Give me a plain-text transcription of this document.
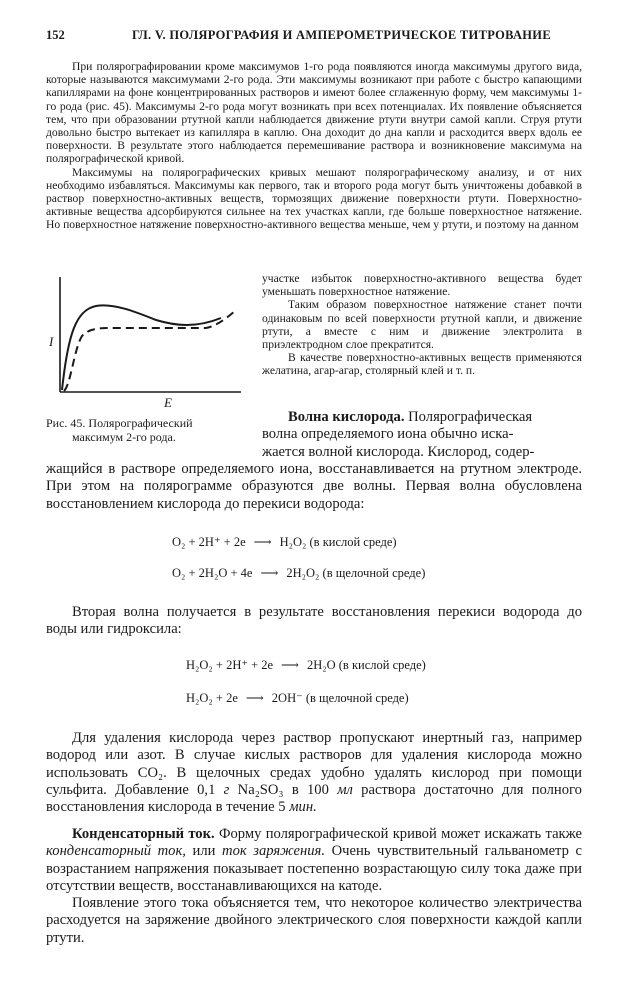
152	ГЛ. V. ПОЛЯРОГРАФИЯ И АМПЕРОМЕТРИЧЕСКОЕ ТИТРОВАНИЕ

При полярографировании кроме максимумов 1-го рода появляются иногда максимумы другого вида, которые называются максимумами 2-го рода. Эти максимумы возникают при работе с быстро капающими капиллярами на фоне концентрированных растворов и имеют более сглаженную форму, чем максимумы 1-го рода (рис. 45). Максимумы 2-го рода могут возникать при всех потенциалах. Их появление объясняется тем, что при образовании ртутной капли наблюдается движение ртути внутри самой капли. Струя ртути довольно быстро вытекает из капилляра в каплю. Она доходит до дна капли и расходится вверх вдоль ее поверхности. В результате этого наблюдается перемешивание раствора и возникновение максимума на полярографической кривой.

Максимумы на полярографических кривых мешают полярографическому анализу, и от них необходимо избавляться. Максимумы как первого, так и второго рода могут быть уничтожены добавкой в раствор поверхностно-активных веществ, тормозящих движение поверхности ртути. Поверхностно-активные вещества адсорбируются сильнее на тех участках капли, где больше поверхностное натяжение. Но поверхностное натяжение поверхностно-активного вещества меньше, чем у ртути, и поэтому на данном

I
E
Рис. 45. Полярографический
максимум 2-го рода.
участке избыток поверхностно-активного вещества будет уменьшать поверхностное натяжение.

Таким образом поверхностное натяжение станет почти одинаковым по всей поверхности ртутной капли, и движение ртути, а вместе с ним и движение электролита в приэлектродном слое прекратится.

В качестве поверхностно-активных веществ применяются желатина, агар-агар, столярный клей и т. п.

Волна кислорода. Полярографическая
волна определяемого иона обычно иска-
жается волной кислорода. Кислород, содер-
жащийся в растворе определяемого иона, восстанавливается на ртутном электроде. При этом на полярограмме образуются две волны. Первая волна обусловлена восстановлением кислорода до перекиси водорода:
O₂ + 2H⁺ + 2e ⟶ H₂O₂ (в кислой среде)
O₂ + 2H₂O + 4e ⟶ 2H₂O₂ (в щелочной среде)

Вторая волна получается в результате восстановления перекиси водорода до воды или гидроксила:

H₂O₂ + 2H⁺ + 2e ⟶ 2H₂O (в кислой среде)
H₂O₂ + 2e ⟶ 2OH⁻ (в щелочной среде)

Для удаления кислорода через раствор пропускают инертный газ, например водород или азот. В случае кислых растворов для удаления кислорода можно использовать CO₂. В щелочных средах удобно удалять кислород при помощи сульфита. Добавление 0,1 г Na₂SO₃ в 100 мл раствора достаточно для полного восстановления кислорода в течение 5 мин.

Конденсаторный ток. Форму полярографической кривой может искажать также конденсаторный ток, или ток заряжения. Очень чувствительный гальванометр с возрастанием напряжения показывает постепенно возрастающую силу тока даже при отсутствии веществ, восстанавливающихся на катоде.

Появление этого тока объясняется тем, что некоторое количество электричества расходуется на заряжение двойного электрического слоя поверхности каждой капли ртути.
